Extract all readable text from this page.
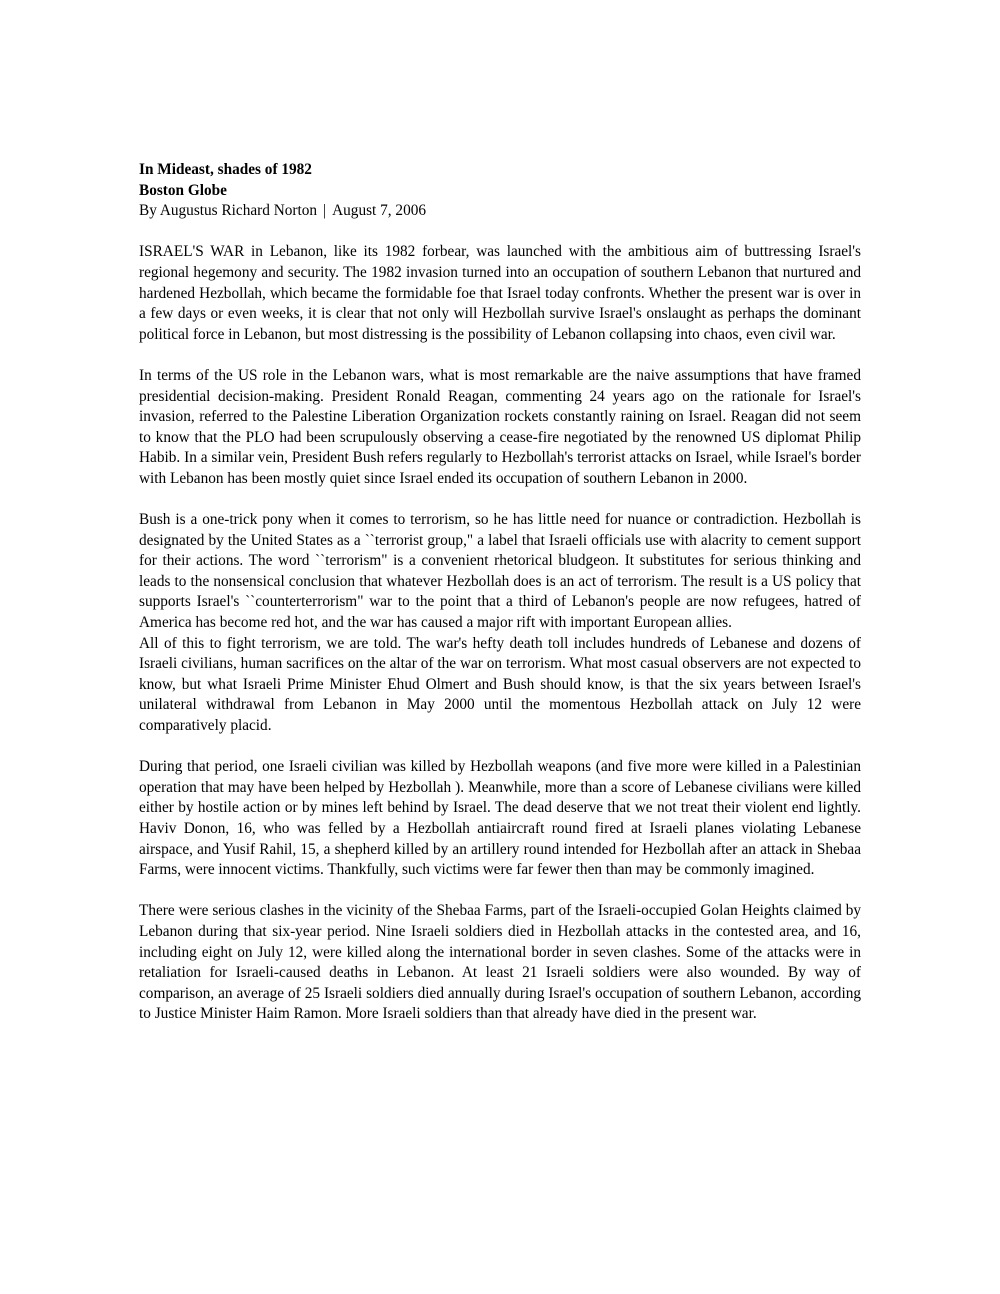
In Mideast, shades of 1982
Boston Globe
By Augustus Richard Norton | August 7, 2006

ISRAEL'S WAR in Lebanon, like its 1982 forbear, was launched with the ambitious aim of buttressing Israel's regional hegemony and security. The 1982 invasion turned into an occupation of southern Lebanon that nurtured and hardened Hezbollah, which became the formidable foe that Israel today confronts. Whether the present war is over in a few days or even weeks, it is clear that not only will Hezbollah survive Israel's onslaught as perhaps the dominant political force in Lebanon, but most distressing is the possibility of Lebanon collapsing into chaos, even civil war.

In terms of the US role in the Lebanon wars, what is most remarkable are the naive assumptions that have framed presidential decision-making. President Ronald Reagan, commenting 24 years ago on the rationale for Israel's invasion, referred to the Palestine Liberation Organization rockets constantly raining on Israel. Reagan did not seem to know that the PLO had been scrupulously observing a cease-fire negotiated by the renowned US diplomat Philip Habib. In a similar vein, President Bush refers regularly to Hezbollah's terrorist attacks on Israel, while Israel's border with Lebanon has been mostly quiet since Israel ended its occupation of southern Lebanon in 2000.

Bush is a one-trick pony when it comes to terrorism, so he has little need for nuance or contradiction. Hezbollah is designated by the United States as a ``terrorist group," a label that Israeli officials use with alacrity to cement support for their actions. The word ``terrorism" is a convenient rhetorical bludgeon. It substitutes for serious thinking and leads to the nonsensical conclusion that whatever Hezbollah does is an act of terrorism. The result is a US policy that supports Israel's ``counterterrorism" war to the point that a third of Lebanon's people are now refugees, hatred of America has become red hot, and the war has caused a major rift with important European allies.

All of this to fight terrorism, we are told. The war's hefty death toll includes hundreds of Lebanese and dozens of Israeli civilians, human sacrifices on the altar of the war on terrorism. What most casual observers are not expected to know, but what Israeli Prime Minister Ehud Olmert and Bush should know, is that the six years between Israel's unilateral withdrawal from Lebanon in May 2000 until the momentous Hezbollah attack on July 12 were comparatively placid.

During that period, one Israeli civilian was killed by Hezbollah weapons (and five more were killed in a Palestinian operation that may have been helped by Hezbollah ). Meanwhile, more than a score of Lebanese civilians were killed either by hostile action or by mines left behind by Israel. The dead deserve that we not treat their violent end lightly. Haviv Donon, 16, who was felled by a Hezbollah antiaircraft round fired at Israeli planes violating Lebanese airspace, and Yusif Rahil, 15, a shepherd killed by an artillery round intended for Hezbollah after an attack in Shebaa Farms, were innocent victims. Thankfully, such victims were far fewer then than may be commonly imagined.

There were serious clashes in the vicinity of the Shebaa Farms, part of the Israeli-occupied Golan Heights claimed by Lebanon during that six-year period. Nine Israeli soldiers died in Hezbollah attacks in the contested area, and 16, including eight on July 12, were killed along the international border in seven clashes. Some of the attacks were in retaliation for Israeli-caused deaths in Lebanon. At least 21 Israeli soldiers were also wounded. By way of comparison, an average of 25 Israeli soldiers died annually during Israel's occupation of southern Lebanon, according to Justice Minister Haim Ramon. More Israeli soldiers than that already have died in the present war.
